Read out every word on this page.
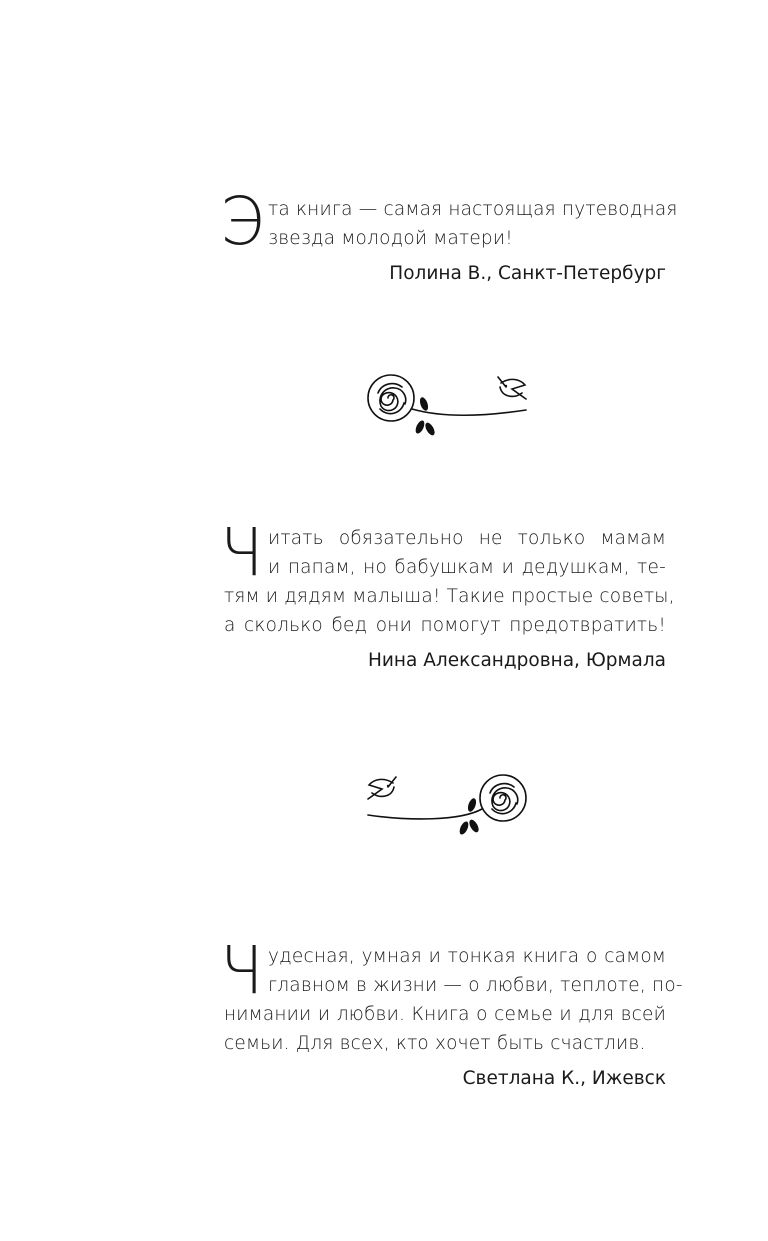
Э та книга — самая настоящая путеводная
звезда молодой матери!
Полина В., Санкт-Петербург
Ч итать обязательно не только мамам
и папам, но бабушкам и дедушкам, те-
тям и дядям малыша! Такие простые советы,
а сколько бед они помогут предотвратить!
Нина Александровна, Юрмала
Ч удесная, умная и тонкая книга о самом
главном в жизни — о любви, теплоте, по-
нимании и любви. Книга о семье и для всей
семьи. Для всех, кто хочет быть счастлив.
Светлана К., Ижевск
